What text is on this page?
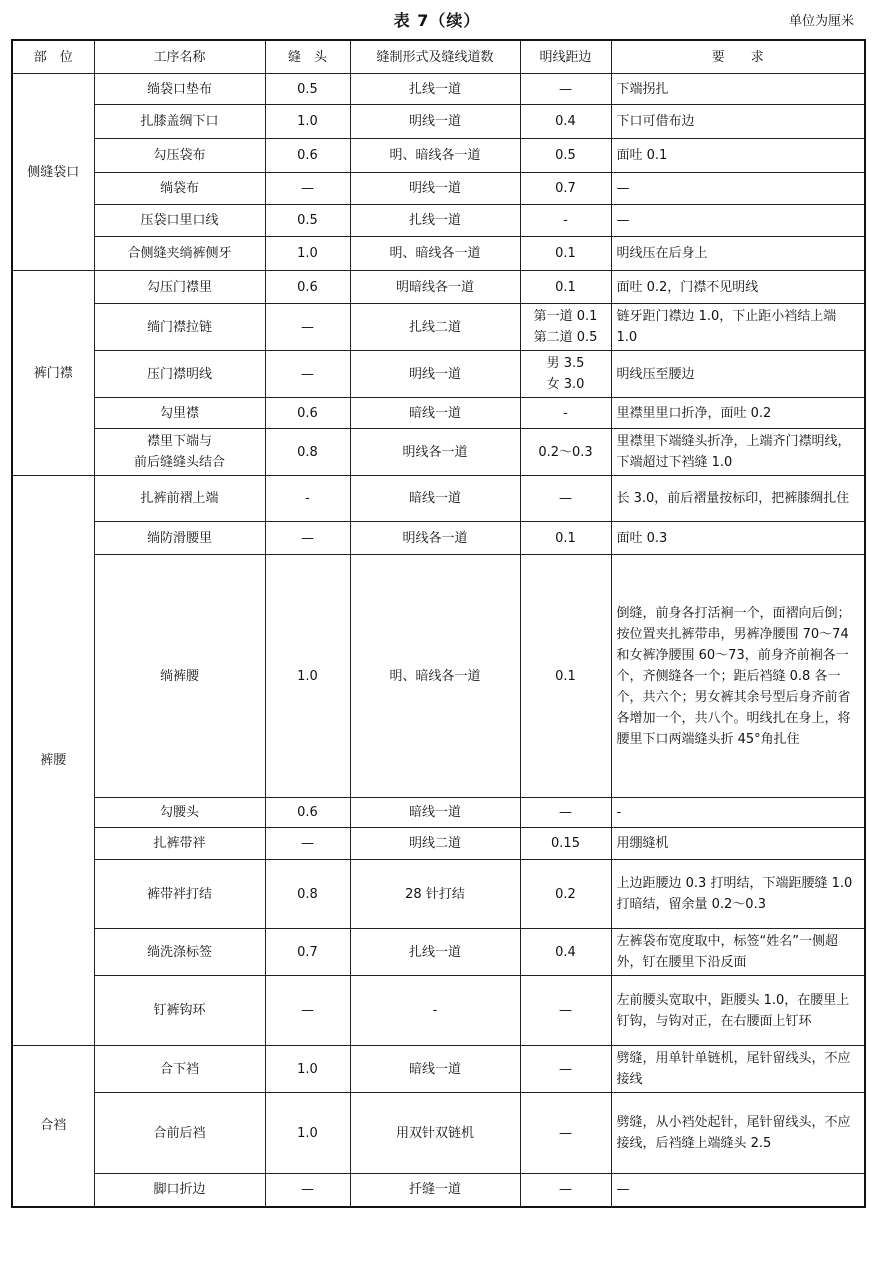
表 7（续）	单位为厘米
部　位	工序名称	缝　头	缝制形式及缝线道数	明线距边	要　　求
侧缝袋口	绱袋口垫布	0.5	扎线一道	—	下端拐扎
	扎膝盖绸下口	1.0	明线一道	0.4	下口可借布边
	勾压袋布	0.6	明、暗线各一道	0.5	面吐 0.1
	绱袋布	—	明线一道	0.7	—
	压袋口里口线	0.5	扎线一道	-	—
	合侧缝夹绱裤侧牙	1.0	明、暗线各一道	0.1	明线压在后身上
裤门襟	勾压门襟里	0.6	明暗线各一道	0.1	面吐 0.2，门襟不见明线
	绱门襟拉链	—	扎线二道	第一道 0.1
第二道 0.5	链牙距门襟边 1.0，下止距小裆结上端 1.0
	压门襟明线	—	明线一道	男 3.5
女 3.0	明线压至腰边
	勾里襟	0.6	暗线一道	-	里襟里里口折净，面吐 0.2
	襟里下端与
前后缝缝头结合	0.8	明线各一道	0.2～0.3	里襟里下端缝头折净，上端齐门襟明线，下端超过下裆缝 1.0
裤腰	扎裤前褶上端	-	暗线一道	—	长 3.0，前后褶量按标印，把裤膝绸扎住
	绱防滑腰里	—	明线各一道	0.1	面吐 0.3
	绱裤腰	1.0	明、暗线各一道	0.1	倒缝，前身各打活裥一个，面褶向后倒；按位置夹扎裤带串，男裤净腰围 70～74 和女裤净腰围 60～73，前身齐前裥各一个，齐侧缝各一个；距后裆缝 0.8 各一个，共六个；男女裤其余号型后身齐前省各增加一个，共八个。明线扎在身上，将腰里下口两端缝头折 45°角扎住
	勾腰头	0.6	暗线一道	—	-
	扎裤带袢	—	明线二道	0.15	用绷缝机
	裤带袢打结	0.8	28 针打结	0.2	上边距腰边 0.3 打明结，下端距腰缝 1.0 打暗结，留余量 0.2～0.3
	绱洗涤标签	0.7	扎线一道	0.4	左裤袋布宽度取中，标签“姓名”一侧超外，钉在腰里下沿反面
	钉裤钩环	—	-	—	左前腰头宽取中，距腰头 1.0，在腰里上钉钩，与钩对正，在右腰面上钉环
合裆	合下裆	1.0	暗线一道	—	劈缝，用单针单链机，尾针留线头，不应接线
	合前后裆	1.0	用双针双链机	—	劈缝，从小裆处起针，尾针留线头，不应接线，后裆缝上端缝头 2.5
	脚口折边	—	扦缝一道	—	—
